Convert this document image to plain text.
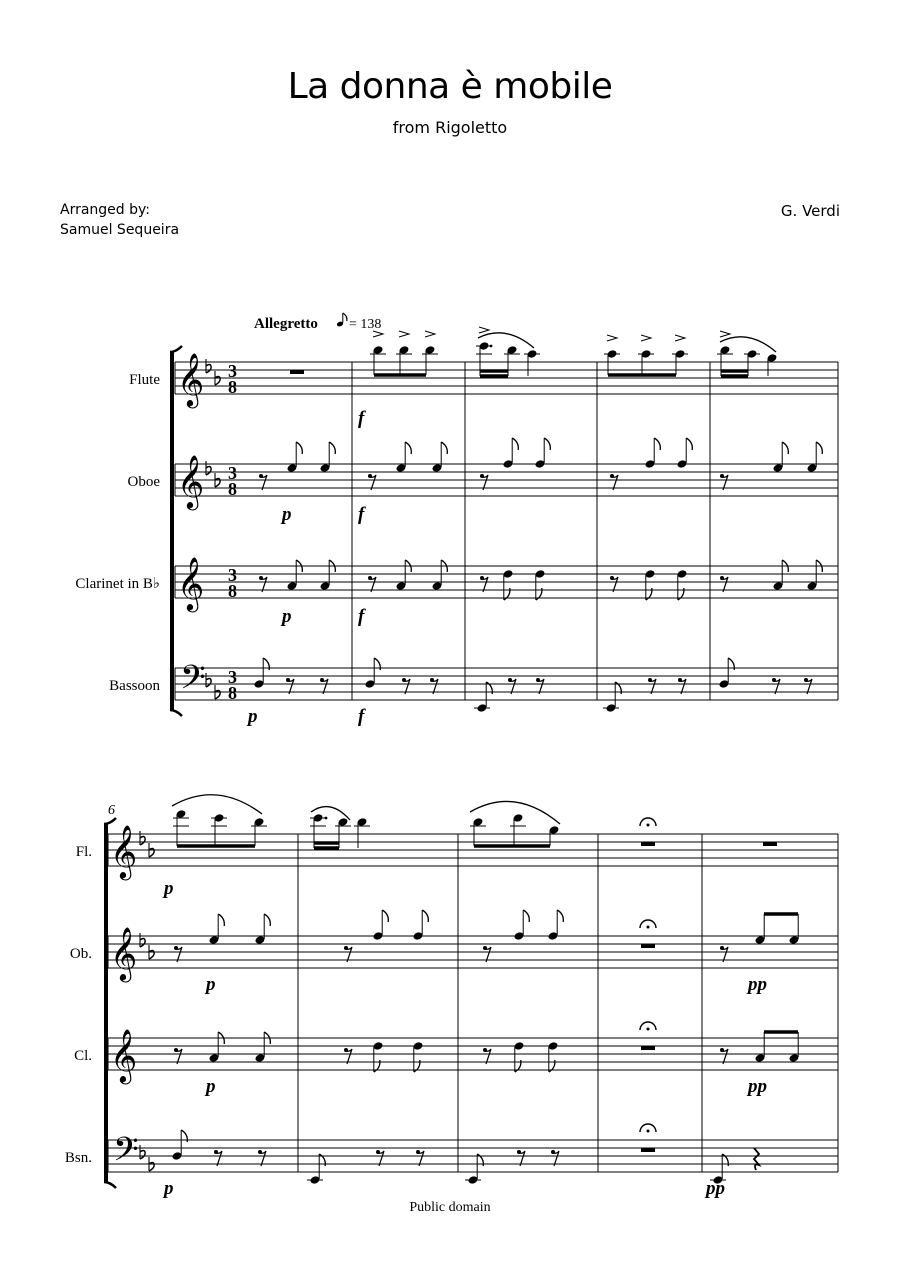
La donna è mobile
from Rigoletto
Arranged by:
Samuel Sequeira
G. Verdi
Allegretto = 138
Flute 𝄞 3
8
Oboe 𝄞 3
8
Clarinet in B♭ 𝄞 3
8
Bassoon 𝄢 3
8
f
p	f
p	f
p	f
6
Fl. 𝄞
Ob. 𝄞
Cl. 𝄞
Bsn. 𝄢
p
p	pp
p	pp
p	pp
Public domain
